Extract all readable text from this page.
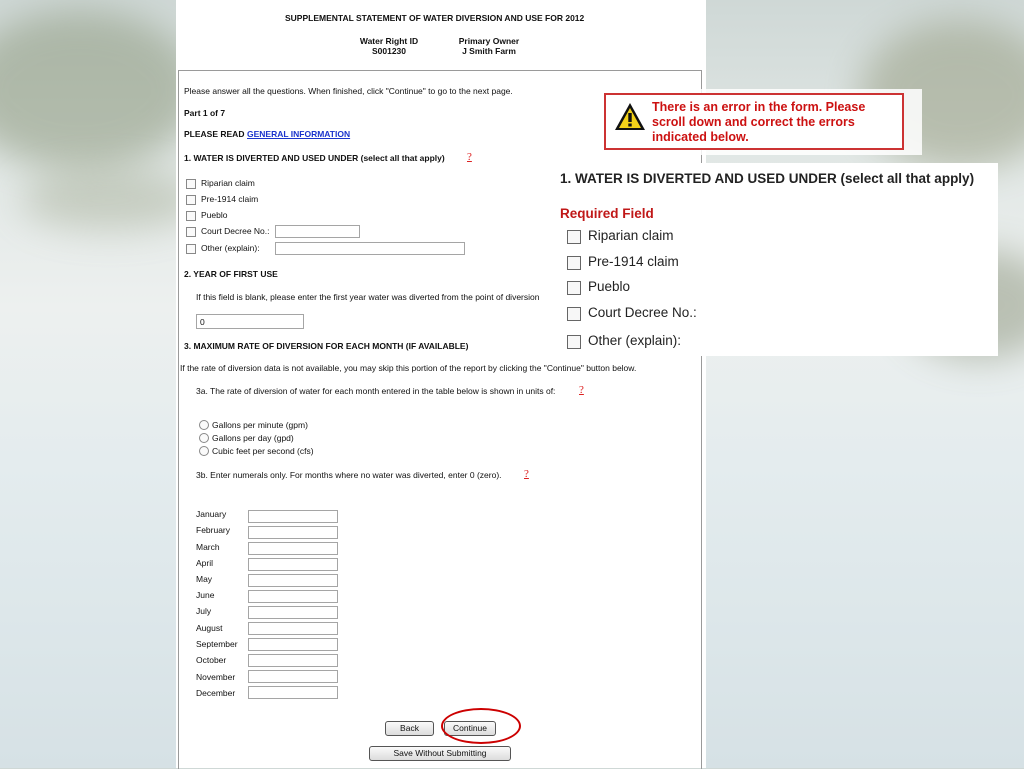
SUPPLEMENTAL STATEMENT OF WATER DIVERSION AND USE FOR 2012
Water Right ID
S001230
Primary Owner
J Smith Farm
Please answer all the questions. When finished, click "Continue" to go to the next page.
Part 1 of 7
PLEASE READ GENERAL INFORMATION
1. WATER IS DIVERTED AND USED UNDER (select all that apply) ?
Riparian claim
Pre-1914 claim
Pueblo
Court Decree No.:
Other (explain):
2. YEAR OF FIRST USE
If this field is blank, please enter the first year water was diverted from the point of diversion
0
3. MAXIMUM RATE OF DIVERSION FOR EACH MONTH (IF AVAILABLE)
If the rate of diversion data is not available, you may skip this portion of the report by clicking the "Continue" button below.
3a. The rate of diversion of water for each month entered in the table below is shown in units of: ?
Gallons per minute (gpm)
Gallons per day (gpd)
Cubic feet per second (cfs)
3b. Enter numerals only. For months where no water was diverted, enter 0 (zero). ?
January
February
March
April
May
June
July
August
September
October
November
December
Back	Continue
Save Without Submitting
There is an error in the form. Please scroll down and correct the errors indicated below.
1. WATER IS DIVERTED AND USED UNDER (select all that apply)
Required Field
Riparian claim
Pre-1914 claim
Pueblo
Court Decree No.:
Other (explain):
